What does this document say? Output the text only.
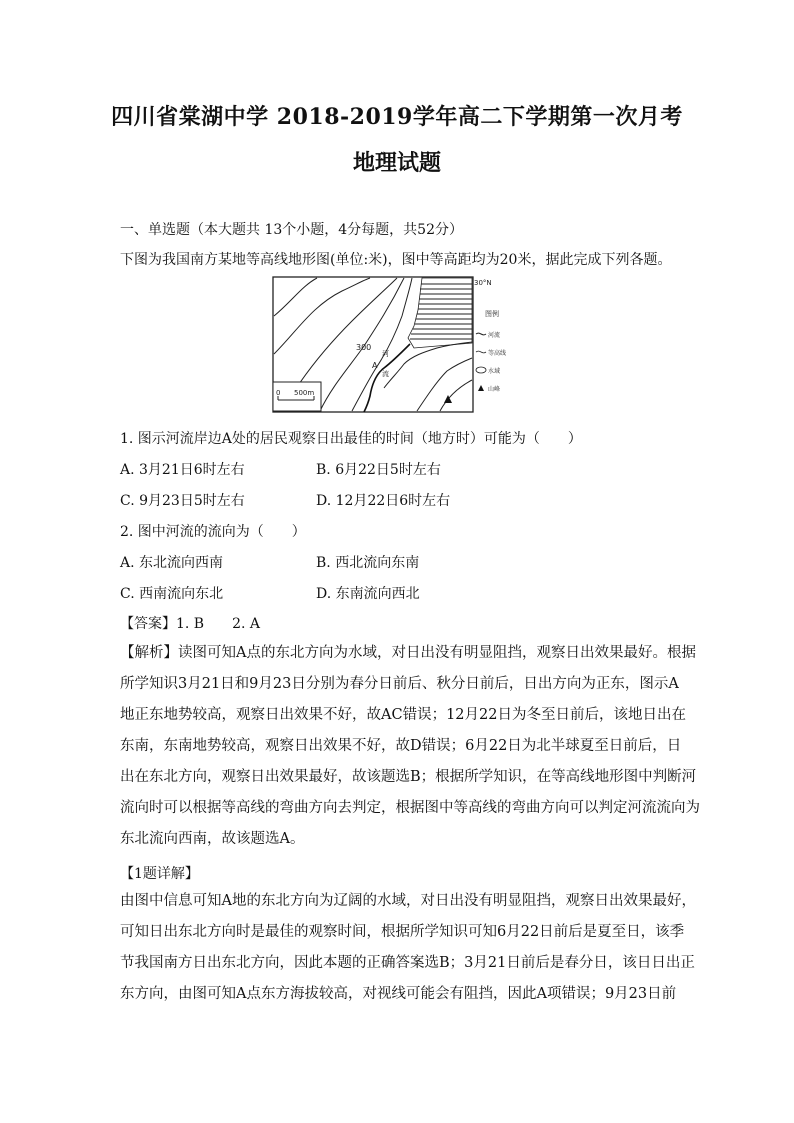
四川省棠湖中学 2018-2019学年高二下学期第一次月考
地理试题
一、单选题（本大题共 13个小题，4分每题，共52分）
下图为我国南方某地等高线地形图(单位:米)，图中等高距均为20米，据此完成下列各题。
0 500m
300
A
河
流
30°N
图例
河流
等高线
水域
山峰
1. 图示河流岸边A处的居民观察日出最佳的时间（地方时）可能为（　　）
A. 3月21日6时左右	B. 6月22日5时左右
C. 9月23日5时左右	D. 12月22日6时左右
2. 图中河流的流向为（　　）
A. 东北流向西南	B. 西北流向东南
C. 西南流向东北	D. 东南流向西北
【答案】1. B　　2. A

【解析】读图可知A点的东北方向为水域，对日出没有明显阻挡，观察日出效果最好。根据

所学知识3月21日和9月23日分别为春分日前后、秋分日前后，日出方向为正东，图示A

地正东地势较高，观察日出效果不好，故AC错误；12月22日为冬至日前后，该地日出在

东南，东南地势较高，观察日出效果不好，故D错误；6月22日为北半球夏至日前后，日

出在东北方向，观察日出效果最好，故该题选B；根据所学知识，在等高线地形图中判断河

流向时可以根据等高线的弯曲方向去判定，根据图中等高线的弯曲方向可以判定河流流向为

东北流向西南，故该题选A。

【1题详解】

由图中信息可知A地的东北方向为辽阔的水域，对日出没有明显阻挡，观察日出效果最好，

可知日出东北方向时是最佳的观察时间，根据所学知识可知6月22日前后是夏至日，该季

节我国南方日出东北方向，因此本题的正确答案选B；3月21日前后是春分日，该日日出正

东方向，由图可知A点东方海拔较高，对视线可能会有阻挡，因此A项错误；9月23日前
